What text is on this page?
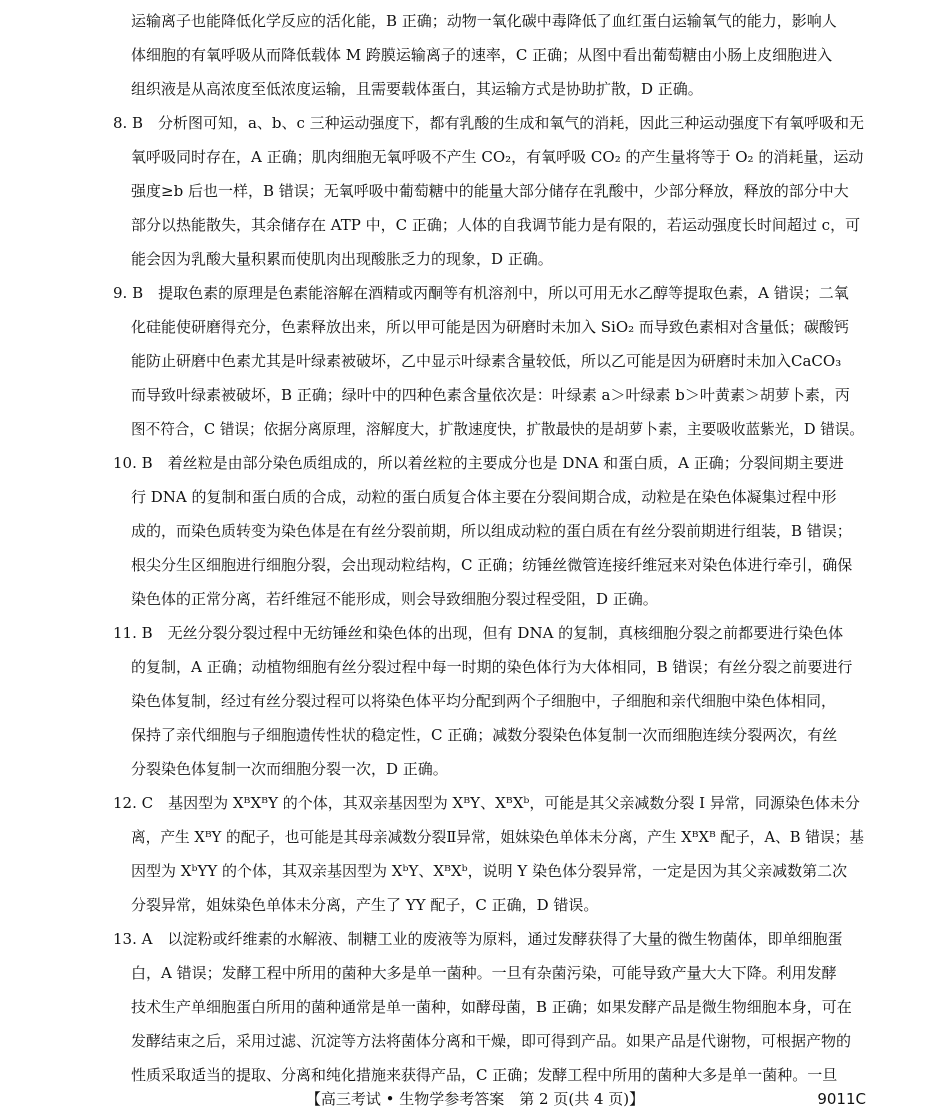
运输离子也能降低化学反应的活化能，B 正确；动物一氧化碳中毒降低了血红蛋白运输氧气的能力，影响人
体细胞的有氧呼吸从而降低载体 M 跨膜运输离子的速率，C 正确；从图中看出葡萄糖由小肠上皮细胞进入
组织液是从高浓度至低浓度运输，且需要载体蛋白，其运输方式是协助扩散，D 正确。
8. B　分析图可知，a、b、c 三种运动强度下，都有乳酸的生成和氧气的消耗，因此三种运动强度下有氧呼吸和无
氧呼吸同时存在，A 正确；肌肉细胞无氧呼吸不产生 CO₂，有氧呼吸 CO₂ 的产生量将等于 O₂ 的消耗量，运动
强度≥b 后也一样，B 错误；无氧呼吸中葡萄糖中的能量大部分储存在乳酸中，少部分释放，释放的部分中大
部分以热能散失，其余储存在 ATP 中，C 正确；人体的自我调节能力是有限的，若运动强度长时间超过 c，可
能会因为乳酸大量积累而使肌肉出现酸胀乏力的现象，D 正确。
9. B　提取色素的原理是色素能溶解在酒精或丙酮等有机溶剂中，所以可用无水乙醇等提取色素，A 错误；二氧
化硅能使研磨得充分，色素释放出来，所以甲可能是因为研磨时未加入 SiO₂ 而导致色素相对含量低；碳酸钙
能防止研磨中色素尤其是叶绿素被破坏，乙中显示叶绿素含量较低，所以乙可能是因为研磨时未加入CaCO₃
而导致叶绿素被破坏，B 正确；绿叶中的四种色素含量依次是：叶绿素 a＞叶绿素 b＞叶黄素＞胡萝卜素，丙
图不符合，C 错误；依据分离原理，溶解度大，扩散速度快，扩散最快的是胡萝卜素，主要吸收蓝紫光，D 错误。
10. B　着丝粒是由部分染色质组成的，所以着丝粒的主要成分也是 DNA 和蛋白质，A 正确；分裂间期主要进
行 DNA 的复制和蛋白质的合成，动粒的蛋白质复合体主要在分裂间期合成，动粒是在染色体凝集过程中形
成的，而染色质转变为染色体是在有丝分裂前期，所以组成动粒的蛋白质在有丝分裂前期进行组装，B 错误；
根尖分生区细胞进行细胞分裂，会出现动粒结构，C 正确；纺锤丝微管连接纤维冠来对染色体进行牵引，确保
染色体的正常分离，若纤维冠不能形成，则会导致细胞分裂过程受阻，D 正确。
11. B　无丝分裂分裂过程中无纺锤丝和染色体的出现，但有 DNA 的复制，真核细胞分裂之前都要进行染色体
的复制，A 正确；动植物细胞有丝分裂过程中每一时期的染色体行为大体相同，B 错误；有丝分裂之前要进行
染色体复制，经过有丝分裂过程可以将染色体平均分配到两个子细胞中，子细胞和亲代细胞中染色体相同，
保持了亲代细胞与子细胞遗传性状的稳定性，C 正确；减数分裂染色体复制一次而细胞连续分裂两次，有丝
分裂染色体复制一次而细胞分裂一次，D 正确。
12. C　基因型为 XᴮXᴮY 的个体，其双亲基因型为 XᴮY、XᴮXᵇ，可能是其父亲减数分裂 I 异常，同源染色体未分
离，产生 XᴮY 的配子，也可能是其母亲减数分裂Ⅱ异常，姐妹染色单体未分离，产生 XᴮXᴮ 配子，A、B 错误；基
因型为 XᵇYY 的个体，其双亲基因型为 XᵇY、XᴮXᵇ，说明 Y 染色体分裂异常，一定是因为其父亲减数第二次
分裂异常，姐妹染色单体未分离，产生了 YY 配子，C 正确，D 错误。
13. A　以淀粉或纤维素的水解液、制糖工业的废液等为原料，通过发酵获得了大量的微生物菌体，即单细胞蛋
白，A 错误；发酵工程中所用的菌种大多是单一菌种。一旦有杂菌污染，可能导致产量大大下降。利用发酵
技术生产单细胞蛋白所用的菌种通常是单一菌种，如酵母菌，B 正确；如果发酵产品是微生物细胞本身，可在
发酵结束之后，采用过滤、沉淀等方法将菌体分离和干燥，即可得到产品。如果产品是代谢物，可根据产物的
性质采取适当的提取、分离和纯化措施来获得产品，C 正确；发酵工程中所用的菌种大多是单一菌种。一旦
【高三考试 • 生物学参考答案　第 2 页(共 4 页)】	9011C
